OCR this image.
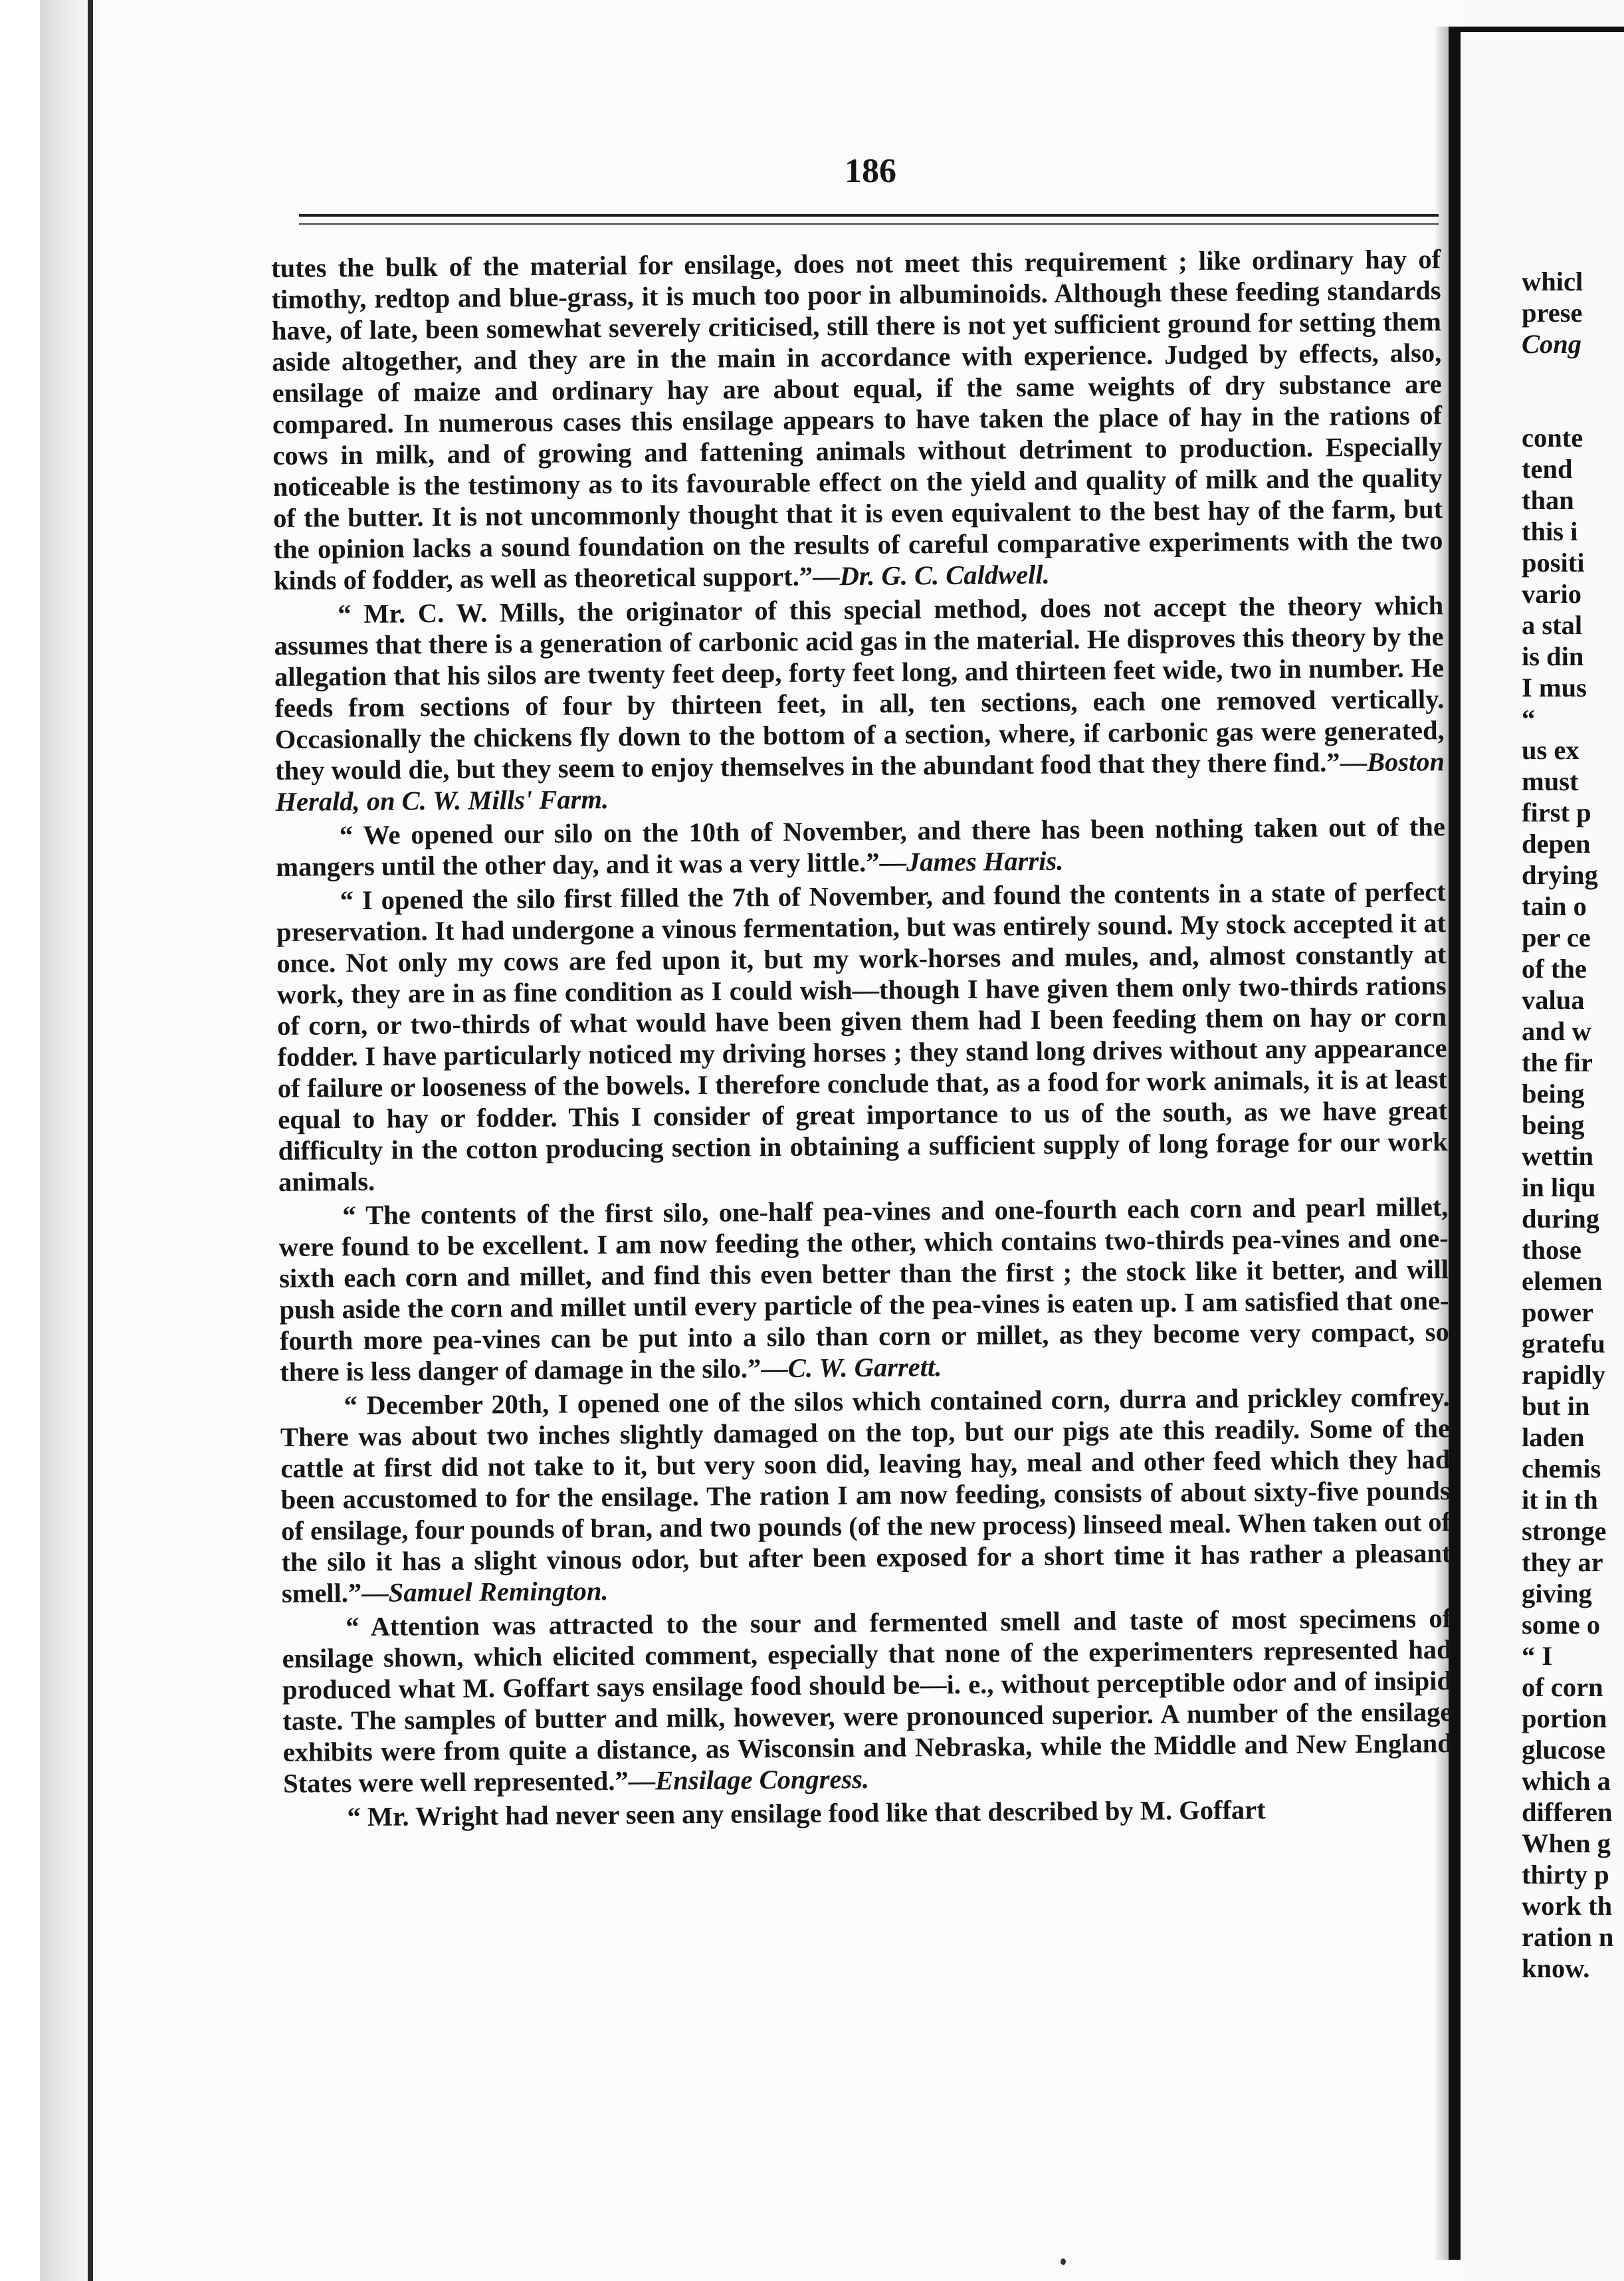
186

tutes the bulk of the material for ensilage, does not meet this requirement ; like ordinary hay of timothy, redtop and blue-grass, it is much too poor in albuminoids. Although these feeding standards have, of late, been somewhat severely criticised, still there is not yet sufficient ground for setting them aside altogether, and they are in the main in accordance with experience. Judged by effects, also, ensilage of maize and ordinary hay are about equal, if the same weights of dry substance are compared. In numerous cases this ensilage appears to have taken the place of hay in the rations of cows in milk, and of growing and fattening animals without detriment to production. Especially noticeable is the testimony as to its favourable effect on the yield and quality of milk and the quality of the butter. It is not uncommonly thought that it is even equivalent to the best hay of the farm, but the opinion lacks a sound foundation on the results of careful comparative experiments with the two kinds of fodder, as well as theoretical support.”—Dr. G. C. Caldwell.

“ Mr. C. W. Mills, the originator of this special method, does not accept the theory which assumes that there is a generation of carbonic acid gas in the material. He disproves this theory by the allegation that his silos are twenty feet deep, forty feet long, and thirteen feet wide, two in number. He feeds from sections of four by thirteen feet, in all, ten sections, each one removed vertically. Occasionally the chickens fly down to the bottom of a section, where, if carbonic gas were generated, they would die, but they seem to enjoy themselves in the abundant food that they there find.”—Boston Herald, on C. W. Mills' Farm.

“ We opened our silo on the 10th of November, and there has been nothing taken out of the mangers until the other day, and it was a very little.”—James Harris.

“ I opened the silo first filled the 7th of November, and found the contents in a state of perfect preservation. It had undergone a vinous fermentation, but was entirely sound. My stock accepted it at once. Not only my cows are fed upon it, but my work-horses and mules, and, almost constantly at work, they are in as fine condition as I could wish—though I have given them only two-thirds rations of corn, or two-thirds of what would have been given them had I been feeding them on hay or corn fodder. I have particularly noticed my driving horses ; they stand long drives without any appearance of failure or looseness of the bowels. I therefore conclude that, as a food for work animals, it is at least equal to hay or fodder. This I consider of great importance to us of the south, as we have great difficulty in the cotton producing section in obtaining a sufficient supply of long forage for our work animals.

“ The contents of the first silo, one-half pea-vines and one-fourth each corn and pearl millet, were found to be excellent. I am now feeding the other, which contains two-thirds pea-vines and one-sixth each corn and millet, and find this even better than the first ; the stock like it better, and will push aside the corn and millet until every particle of the pea-vines is eaten up. I am satisfied that one-fourth more pea-vines can be put into a silo than corn or millet, as they become very compact, so there is less danger of damage in the silo.”—C. W. Garrett.

“ December 20th, I opened one of the silos which contained corn, durra and prickley comfrey. There was about two inches slightly damaged on the top, but our pigs ate this readily. Some of the cattle at first did not take to it, but very soon did, leaving hay, meal and other feed which they had been accustomed to for the ensilage. The ration I am now feeding, consists of about sixty-five pounds of ensilage, four pounds of bran, and two pounds (of the new process) linseed meal. When taken out of the silo it has a slight vinous odor, but after been exposed for a short time it has rather a pleasant smell.”—Samuel Remington.

“ Attention was attracted to the sour and fermented smell and taste of most specimens of ensilage shown, which elicited comment, especially that none of the experimenters represented had produced what M. Goffart says ensilage food should be—i. e., without perceptible odor and of insipid taste. The samples of butter and milk, however, were pronounced superior. A number of the ensilage exhibits were from quite a distance, as Wisconsin and Nebraska, while the Middle and New England States were well represented.”—Ensilage Congress.

“ Mr. Wright had never seen any ensilage food like that described by M. Goffart

whicl
prese
Cong
conte
tend
than
this i
positi
vario
a stal
is din
I mus
“
us ex
must
first p
depen
drying
tain o
per ce
of the
valua
and w
the fir
being
being
wettin
in liqu
during
those
elemen
power
gratefu
rapidly
but in
laden
chemis
it in th
stronge
they ar
giving
some o
“ I
of corn
portion
glucose
which a
differen
When g
thirty p
work th
ration n
know.
